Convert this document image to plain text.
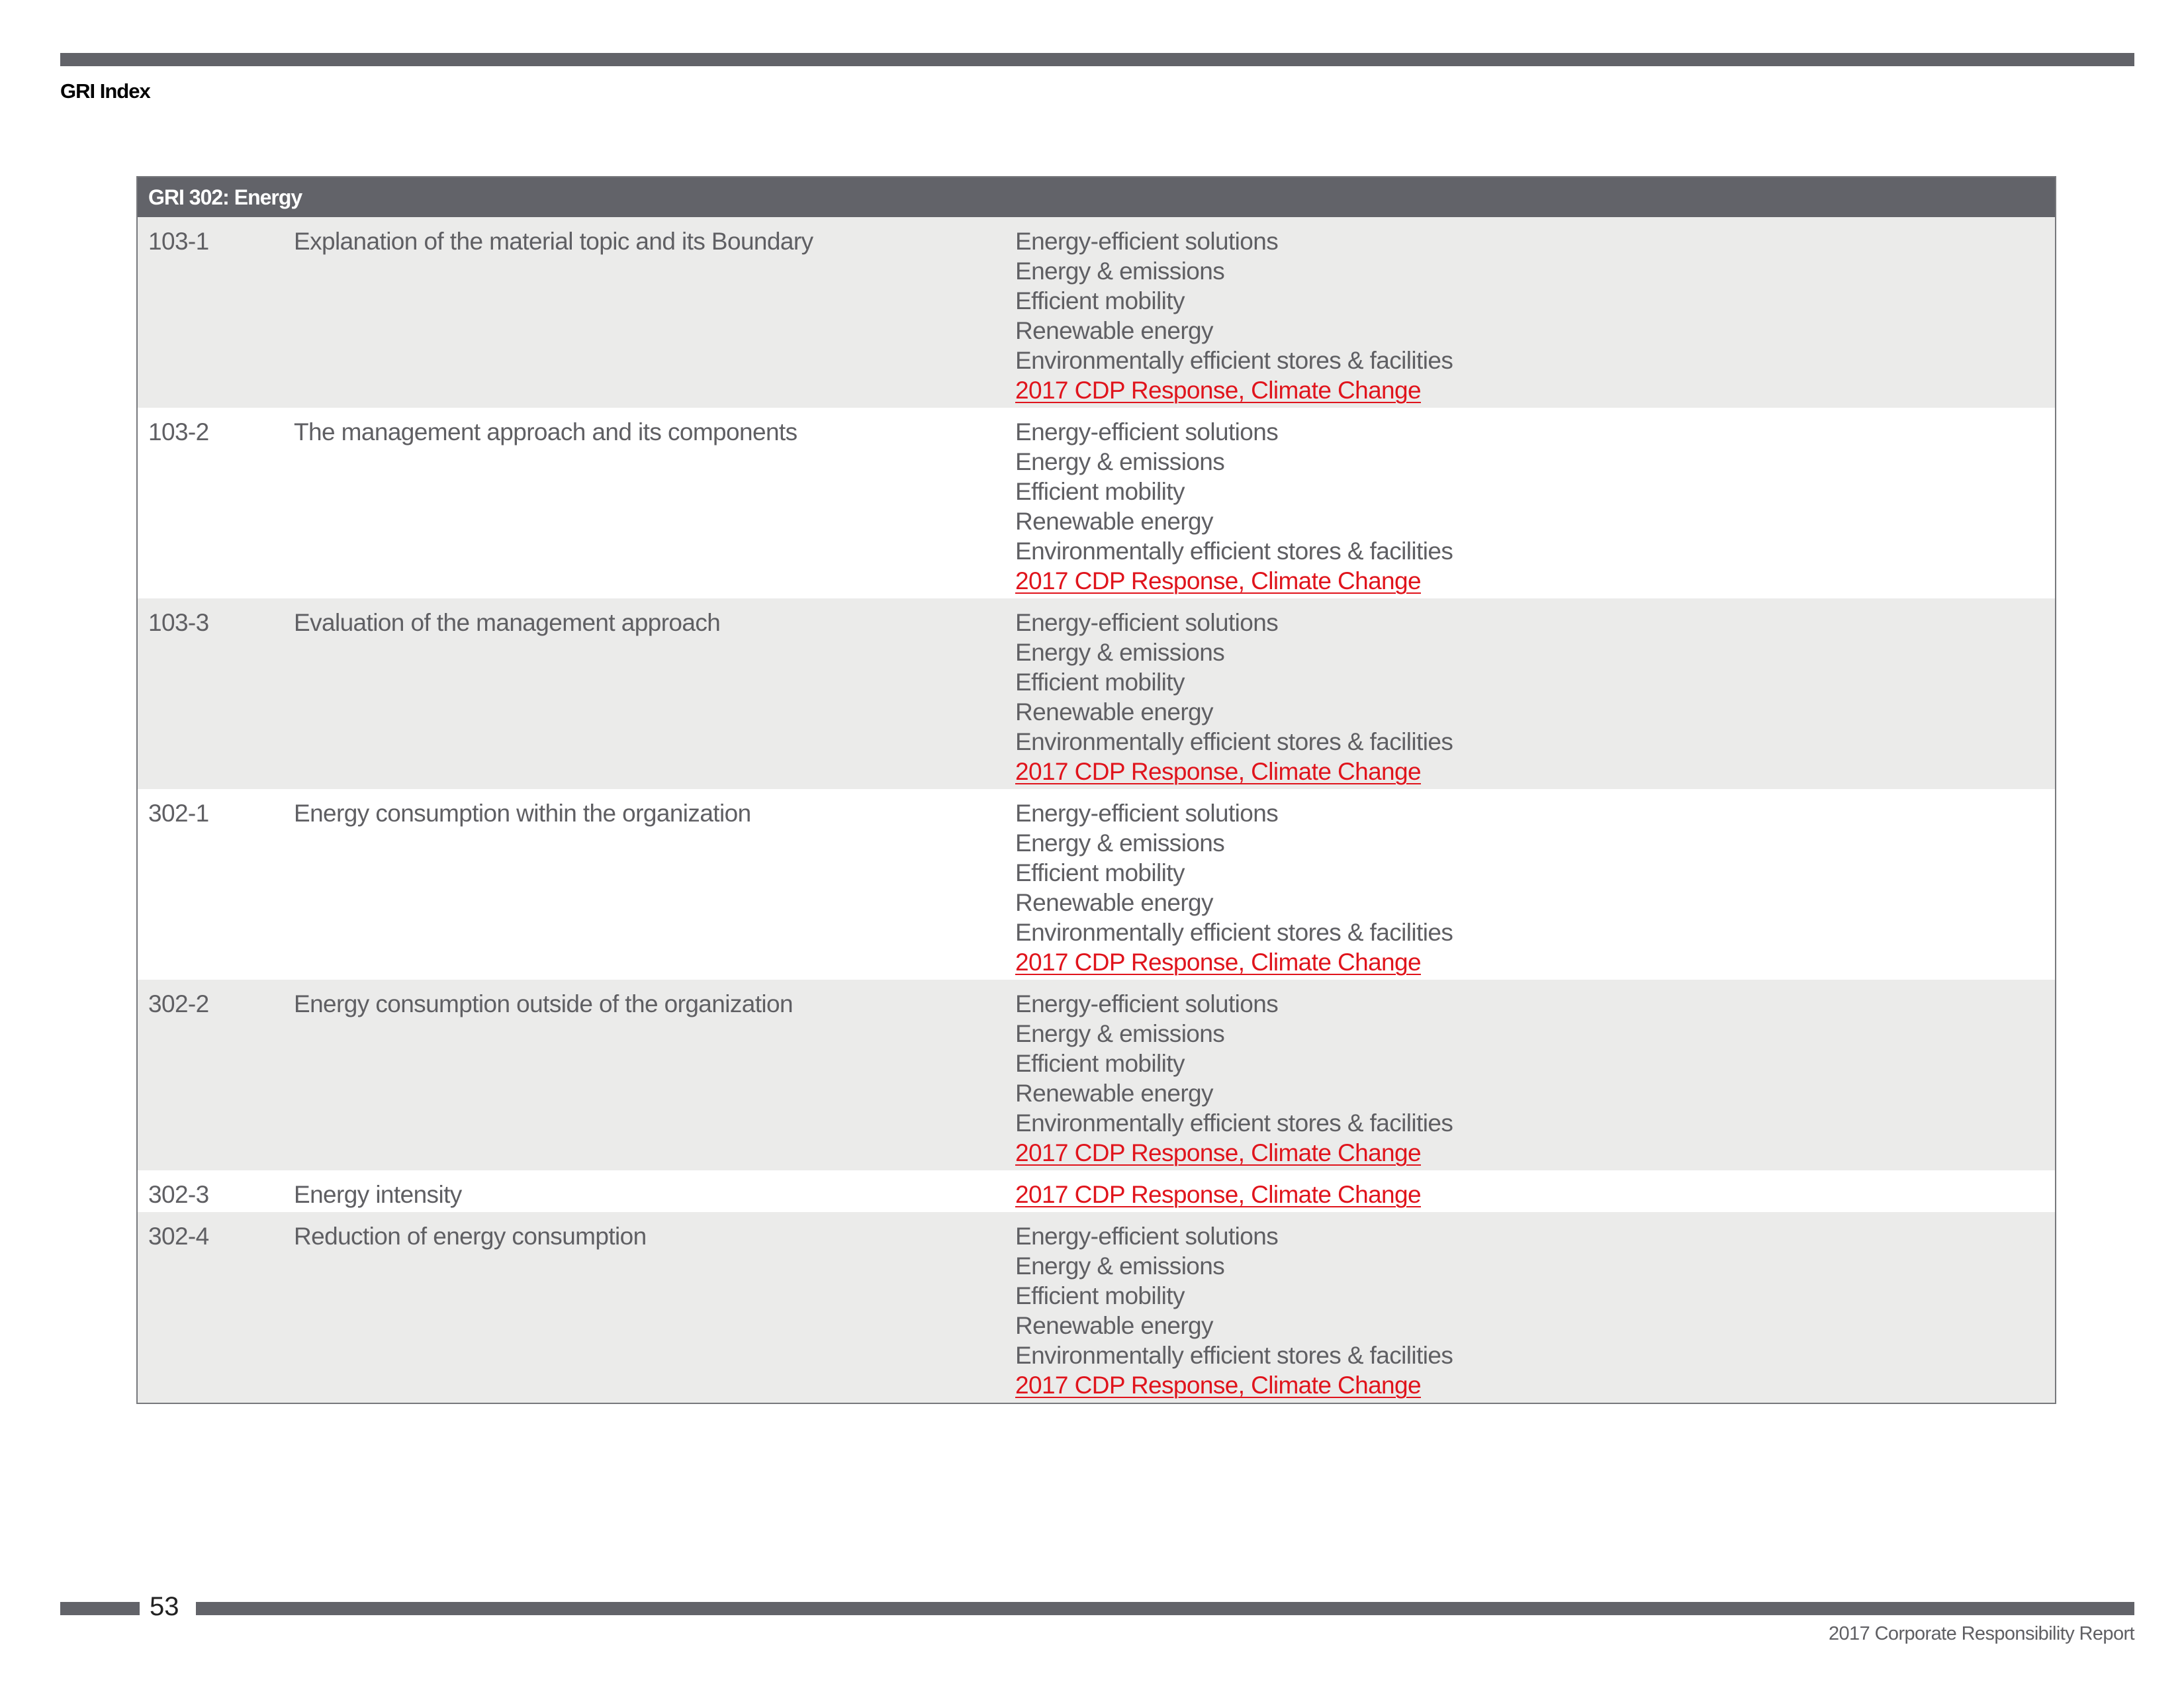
GRI Index
GRI 302: Energy
103-1	Explanation of the material topic and its Boundary	Energy-efficient solutions
Energy & emissions
Efficient mobility
Renewable energy
Environmentally efficient stores & facilities
2017 CDP Response, Climate Change
103-2	The management approach and its components	Energy-efficient solutions
Energy & emissions
Efficient mobility
Renewable energy
Environmentally efficient stores & facilities
2017 CDP Response, Climate Change
103-3	Evaluation of the management approach	Energy-efficient solutions
Energy & emissions
Efficient mobility
Renewable energy
Environmentally efficient stores & facilities
2017 CDP Response, Climate Change
302-1	Energy consumption within the organization	Energy-efficient solutions
Energy & emissions
Efficient mobility
Renewable energy
Environmentally efficient stores & facilities
2017 CDP Response, Climate Change
302-2	Energy consumption outside of the organization	Energy-efficient solutions
Energy & emissions
Efficient mobility
Renewable energy
Environmentally efficient stores & facilities
2017 CDP Response, Climate Change
302-3	Energy intensity	2017 CDP Response, Climate Change
302-4	Reduction of energy consumption	Energy-efficient solutions
Energy & emissions
Efficient mobility
Renewable energy
Environmentally efficient stores & facilities
2017 CDP Response, Climate Change
53
2017 Corporate Responsibility Report
